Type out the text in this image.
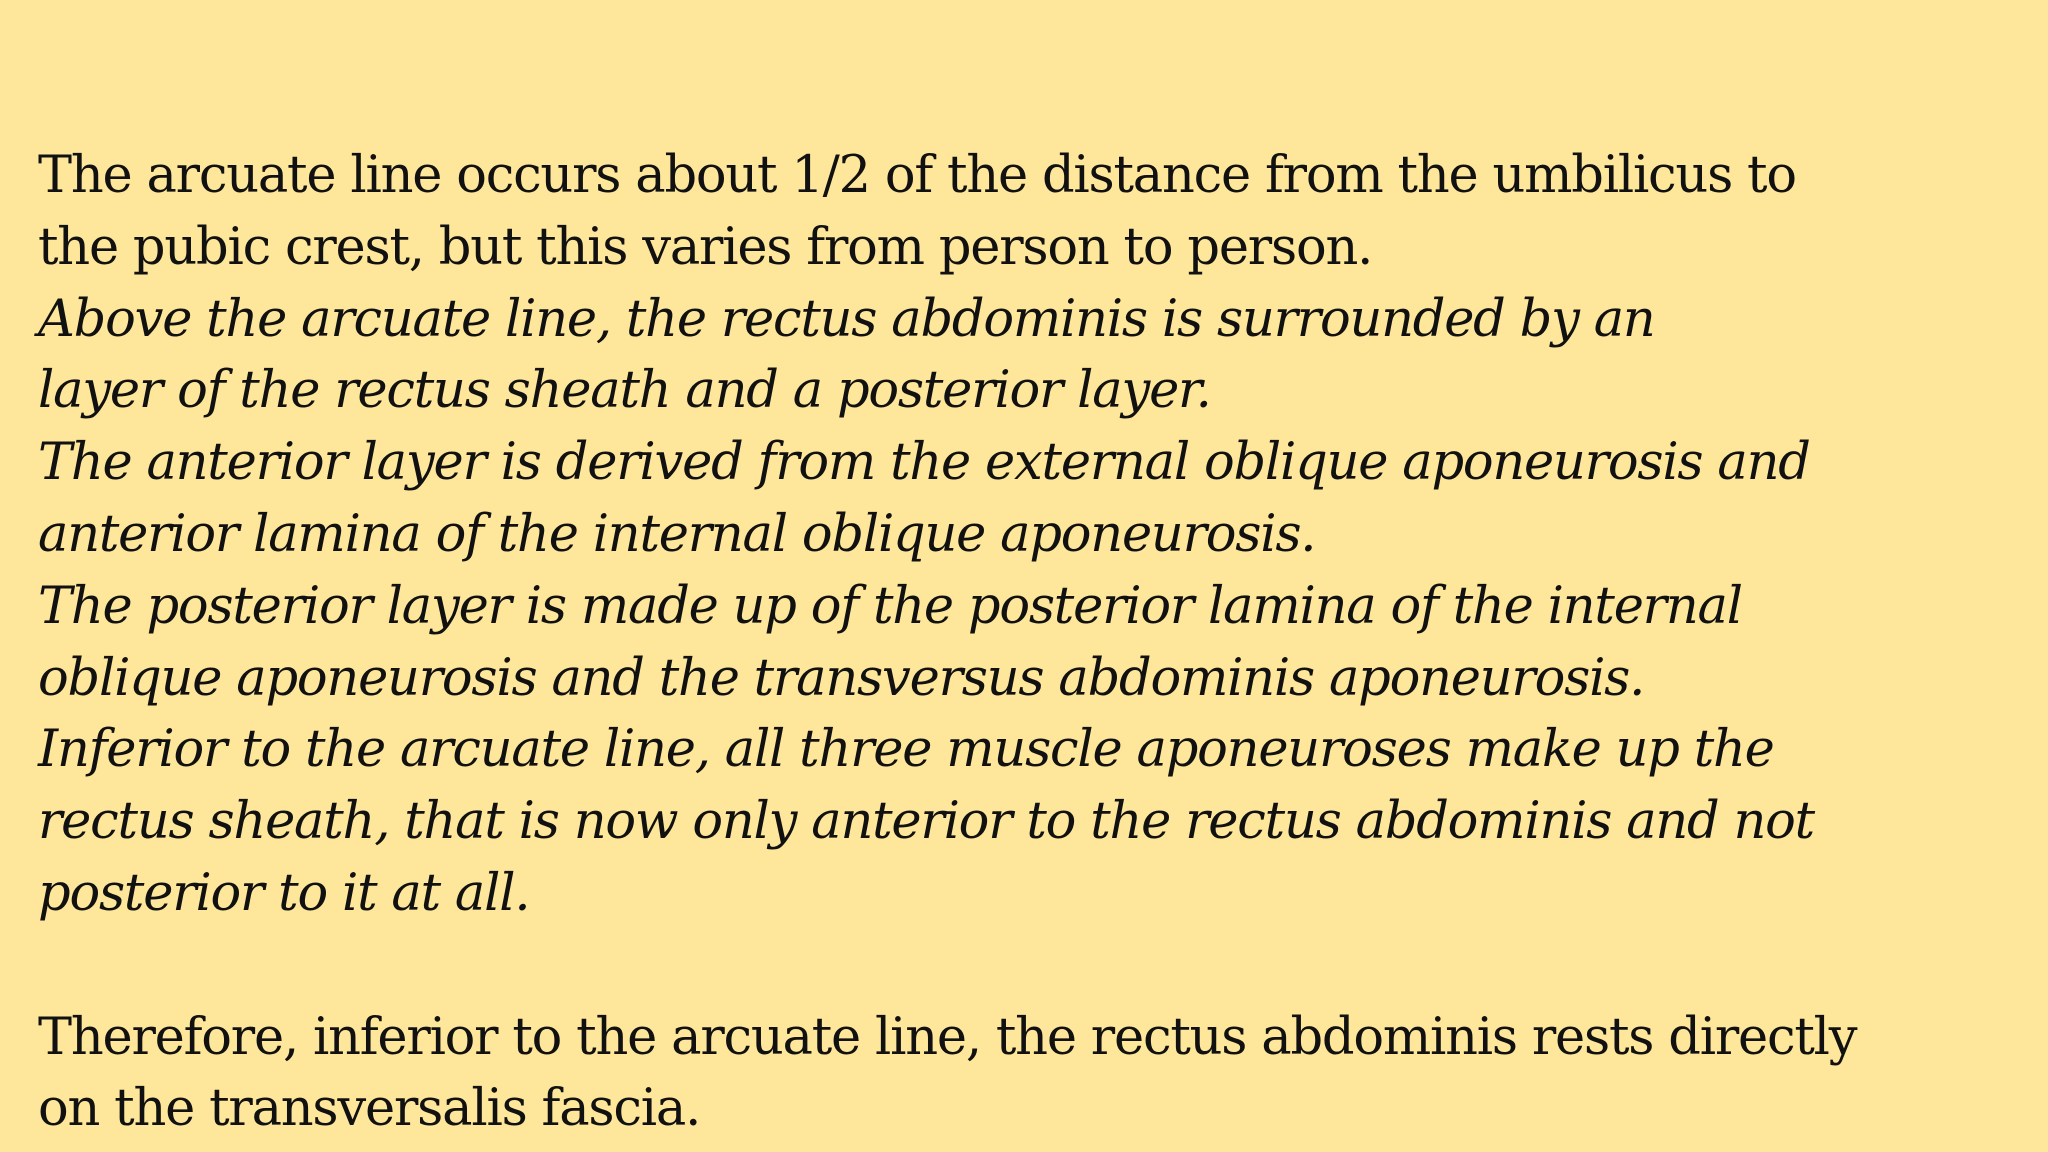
The arcuate line occurs about 1/2 of the distance from the umbilicus to
the pubic crest, but this varies from person to person.
Above the arcuate line, the rectus abdominis is surrounded by an
layer of the rectus sheath and a posterior layer.
The anterior layer is derived from the external oblique aponeurosis and
anterior lamina of the internal oblique aponeurosis.
The posterior layer is made up of the posterior lamina of the internal
oblique aponeurosis and the transversus abdominis aponeurosis.
Inferior to the arcuate line, all three muscle aponeuroses make up the
rectus sheath, that is now only anterior to the rectus abdominis and not
posterior to it at all.
Therefore, inferior to the arcuate line, the rectus abdominis rests directly
on the transversalis fascia.
